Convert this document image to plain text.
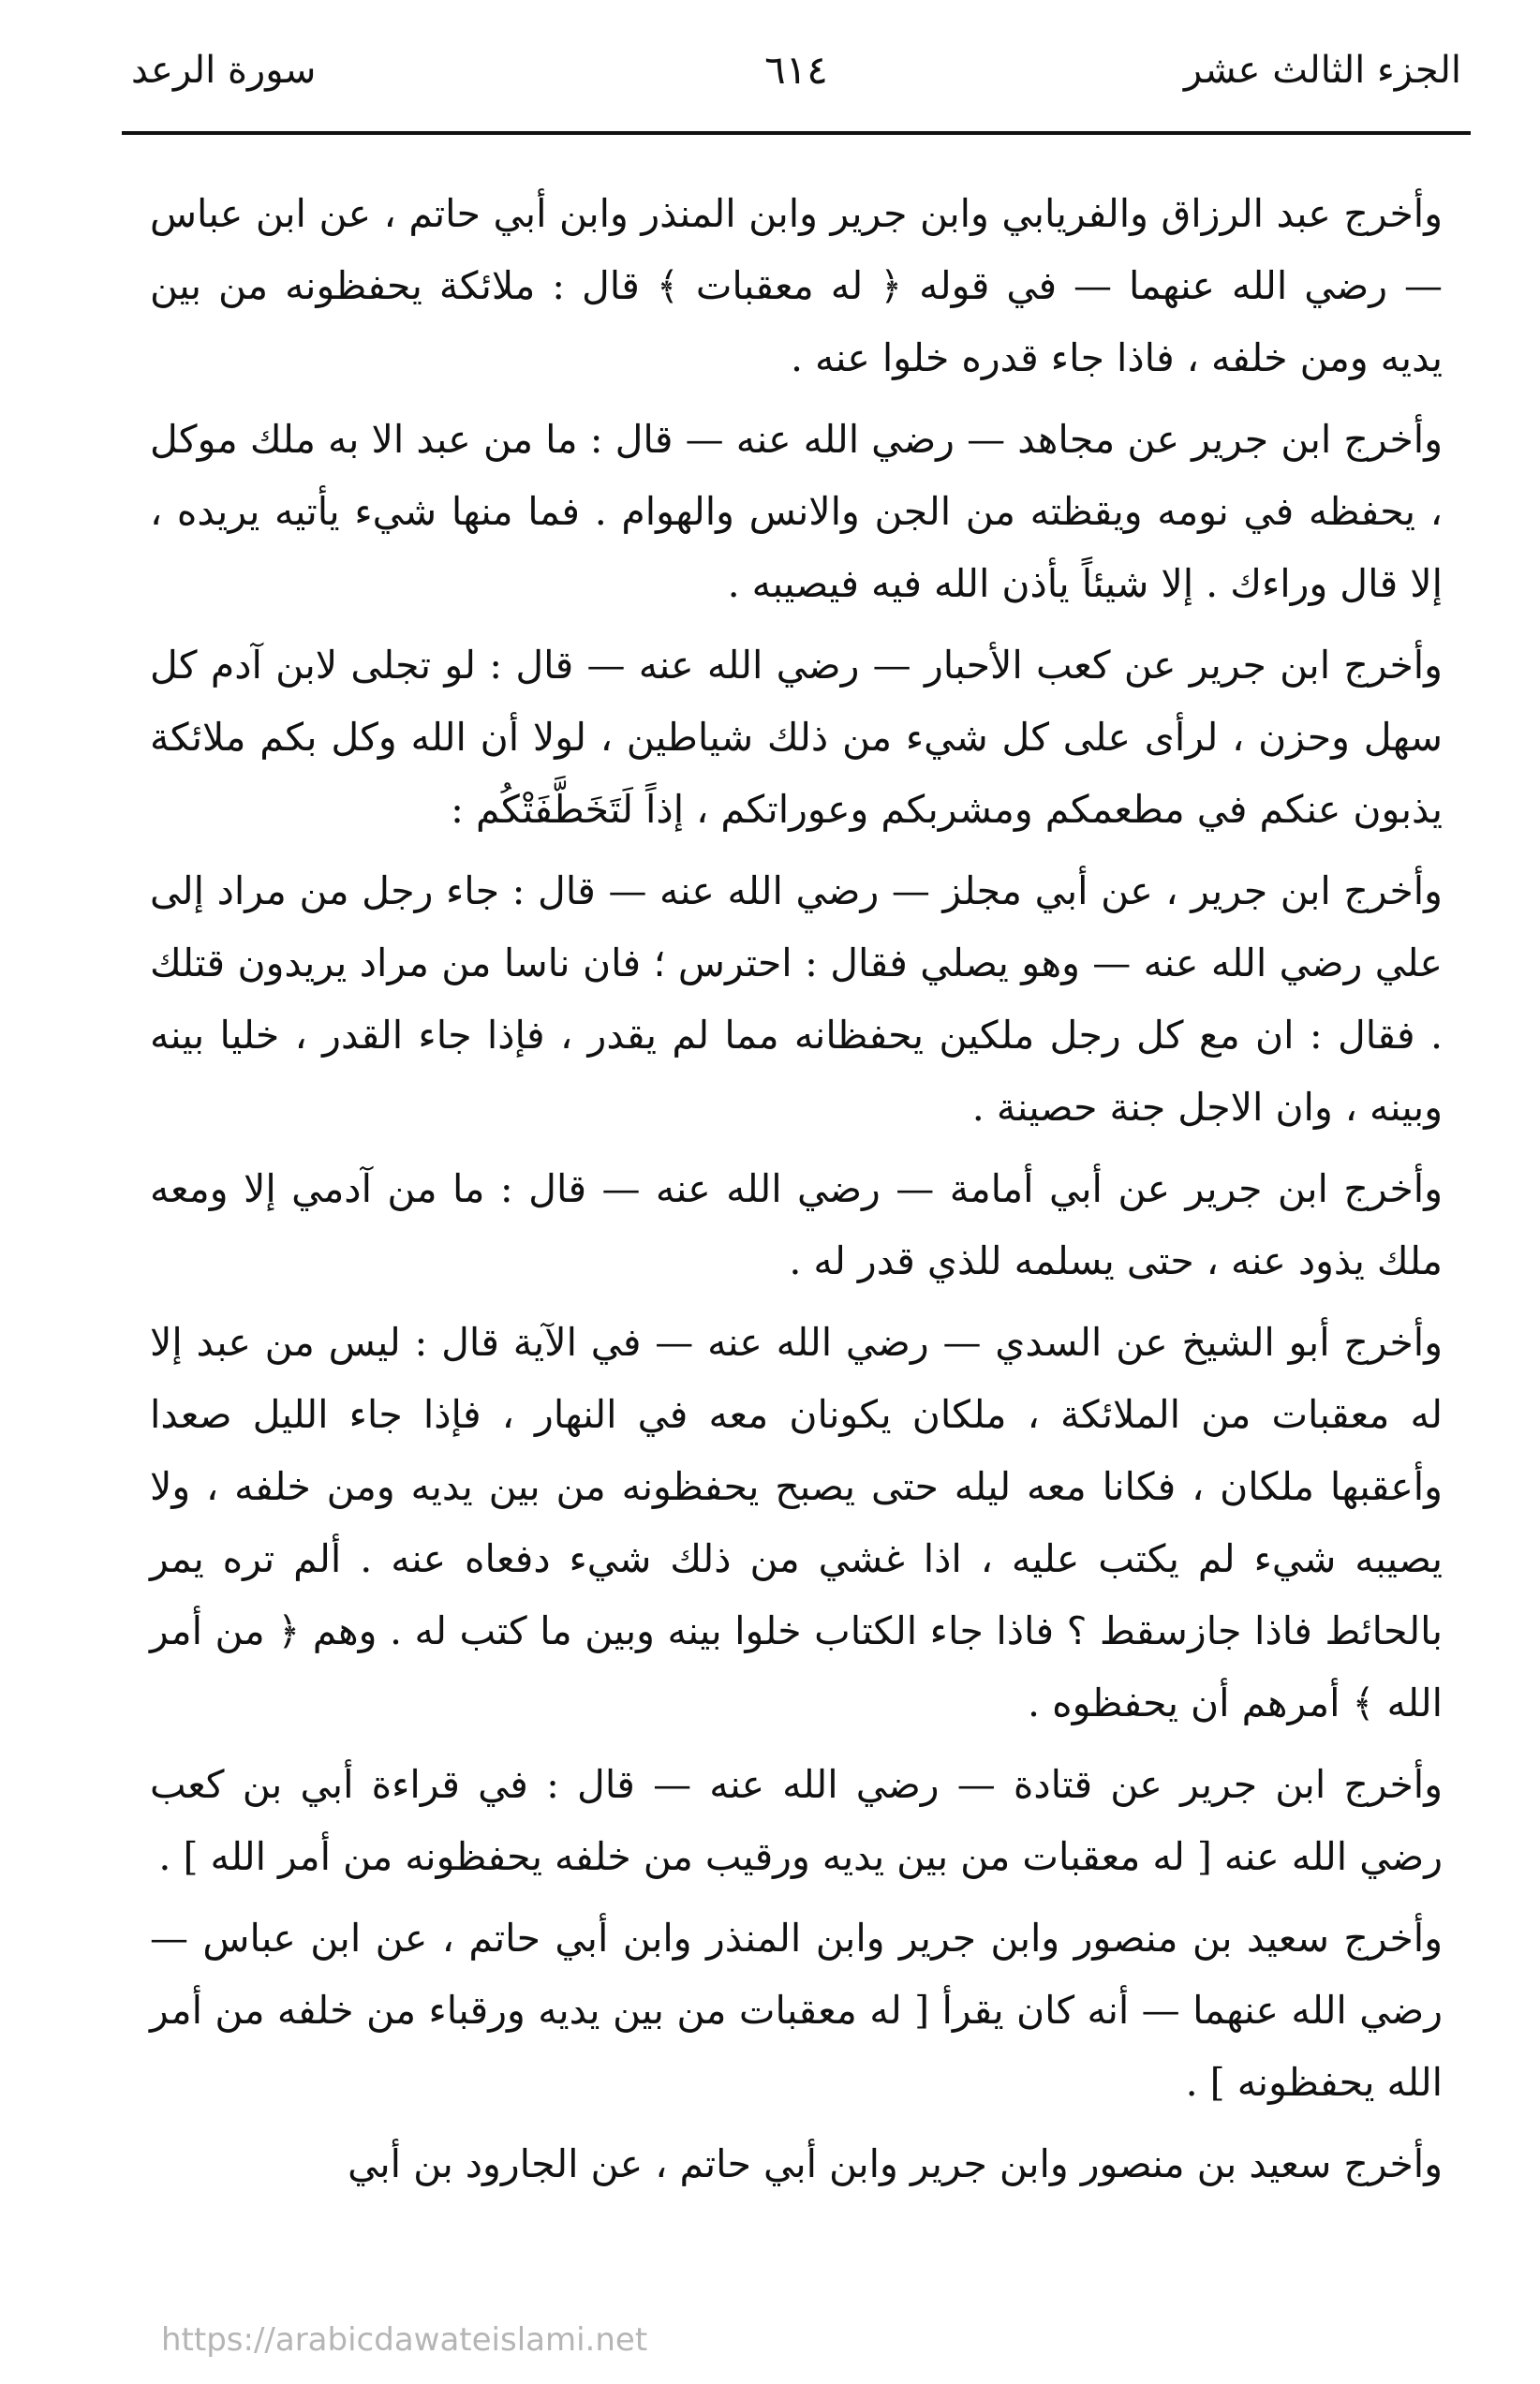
الجزء الثالث عشر
٦١٤
سورة الرعد

وأخرج عبد الرزاق والفريابي وابن جرير وابن المنذر وابن أبي حاتم ، عن ابن عباس — رضي الله عنهما — في قوله ﴿ له معقبات ﴾ قال : ملائكة يحفظونه من بين يديه ومن خلفه ، فاذا جاء قدره خلوا عنه .

وأخرج ابن جرير عن مجاهد — رضي الله عنه — قال : ما من عبد الا به ملك موكل ، يحفظه في نومه ويقظته من الجن والانس والهوام . فما منها شيء يأتيه يريده ، إلا قال وراءك . إلا شيئاً يأذن الله فيه فيصيبه .

وأخرج ابن جرير عن كعب الأحبار — رضي الله عنه — قال : لو تجلى لابن آدم كل سهل وحزن ، لرأى على كل شيء من ذلك شياطين ، لولا أن الله وكل بكم ملائكة يذبون عنكم في مطعمكم ومشربكم وعوراتكم ، إذاً لَتَخَطَّفَتْكُم :

وأخرج ابن جرير ، عن أبي مجلز — رضي الله عنه — قال : جاء رجل من مراد إلى علي رضي الله عنه — وهو يصلي فقال : احترس ؛ فان ناسا من مراد يريدون قتلك . فقال : ان مع كل رجل ملكين يحفظانه مما لم يقدر ، فإذا جاء القدر ، خليا بينه وبينه ، وان الاجل جنة حصينة .

وأخرج ابن جرير عن أبي أمامة — رضي الله عنه — قال : ما من آدمي إلا ومعه ملك يذود عنه ، حتى يسلمه للذي قدر له .

وأخرج أبو الشيخ عن السدي — رضي الله عنه — في الآية قال : ليس من عبد إلا له معقبات من الملائكة ، ملكان يكونان معه في النهار ، فإذا جاء الليل صعدا وأعقبها ملكان ، فكانا معه ليله حتى يصبح يحفظونه من بين يديه ومن خلفه ، ولا يصيبه شيء لم يكتب عليه ، اذا غشي من ذلك شيء دفعاه عنه . ألم تره يمر بالحائط فاذا جازسقط ؟ فاذا جاء الكتاب خلوا بينه وبين ما كتب له . وهم ﴿ من أمر الله ﴾ أمرهم أن يحفظوه .

وأخرج ابن جرير عن قتادة — رضي الله عنه — قال : في قراءة أبي بن كعب رضي الله عنه [ له معقبات من بين يديه ورقيب من خلفه يحفظونه من أمر الله ] .

وأخرج سعيد بن منصور وابن جرير وابن المنذر وابن أبي حاتم ، عن ابن عباس — رضي الله عنهما — أنه كان يقرأ [ له معقبات من بين يديه ورقباء من خلفه من أمر الله يحفظونه ] .

وأخرج سعيد بن منصور وابن جرير وابن أبي حاتم ، عن الجارود بن أبي

https://arabicdawateislami.net
